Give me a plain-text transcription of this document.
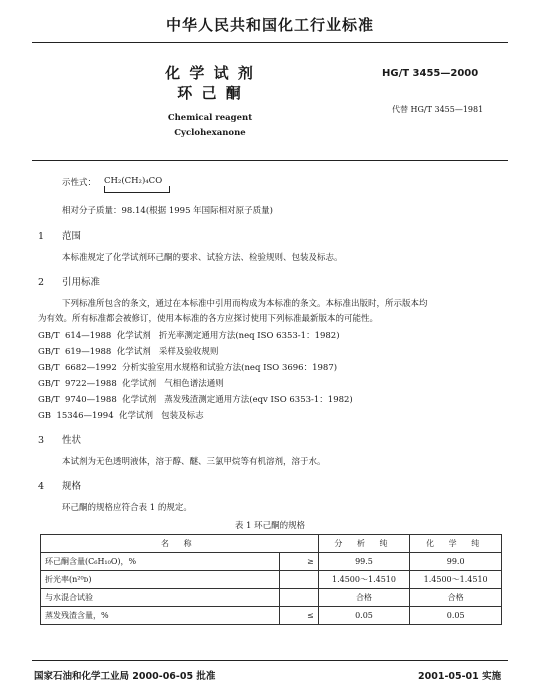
中华人民共和国化工行业标准
化 学 试 剂
环 己 酮
Chemical reagent
Cyclohexanone
HG/T 3455—2000
代替 HG/T 3455—1981
示性式： CH₂(CH₂)₄CO
相对分子质量：98.14(根据 1995 年国际相对原子质量)
1 范围
本标准规定了化学试剂环己酮的要求、试验方法、检验规则、包装及标志。
2 引用标准
下列标准所包含的条文，通过在本标准中引用而构成为本标准的条文。本标准出版时，所示版本均
为有效。所有标准都会被修订，使用本标准的各方应探讨使用下列标准最新版本的可能性。
GB/T  614—1988  化学试剂   折光率测定通用方法(neq ISO 6353-1：1982)
GB/T  619—1988  化学试剂   采样及验收规则
GB/T  6682—1992  分析实验室用水规格和试验方法(neq ISO 3696：1987)
GB/T  9722—1988  化学试剂   气相色谱法通则
GB/T  9740—1988  化学试剂   蒸发残渣测定通用方法(eqv ISO 6353-1：1982)
GB  15346—1994  化学试剂   包装及标志
3 性状
本试剂为无色透明液体，溶于醇、醚、三氯甲烷等有机溶剂，溶于水。
4 规格
环己酮的规格应符合表 1 的规定。
表 1 环己酮的规格
名 称		分 析 纯	化 学 纯
环己酮含量(C₆H₁₀O)，%	≥	99.5	99.0
折光率(n²⁰ᴅ)		1.4500～1.4510	1.4500～1.4510
与水混合试验		合格	合格
蒸发残渣含量，%	≤	0.05	0.05
国家石油和化学工业局 2000-06-05 批准	2001-05-01 实施
